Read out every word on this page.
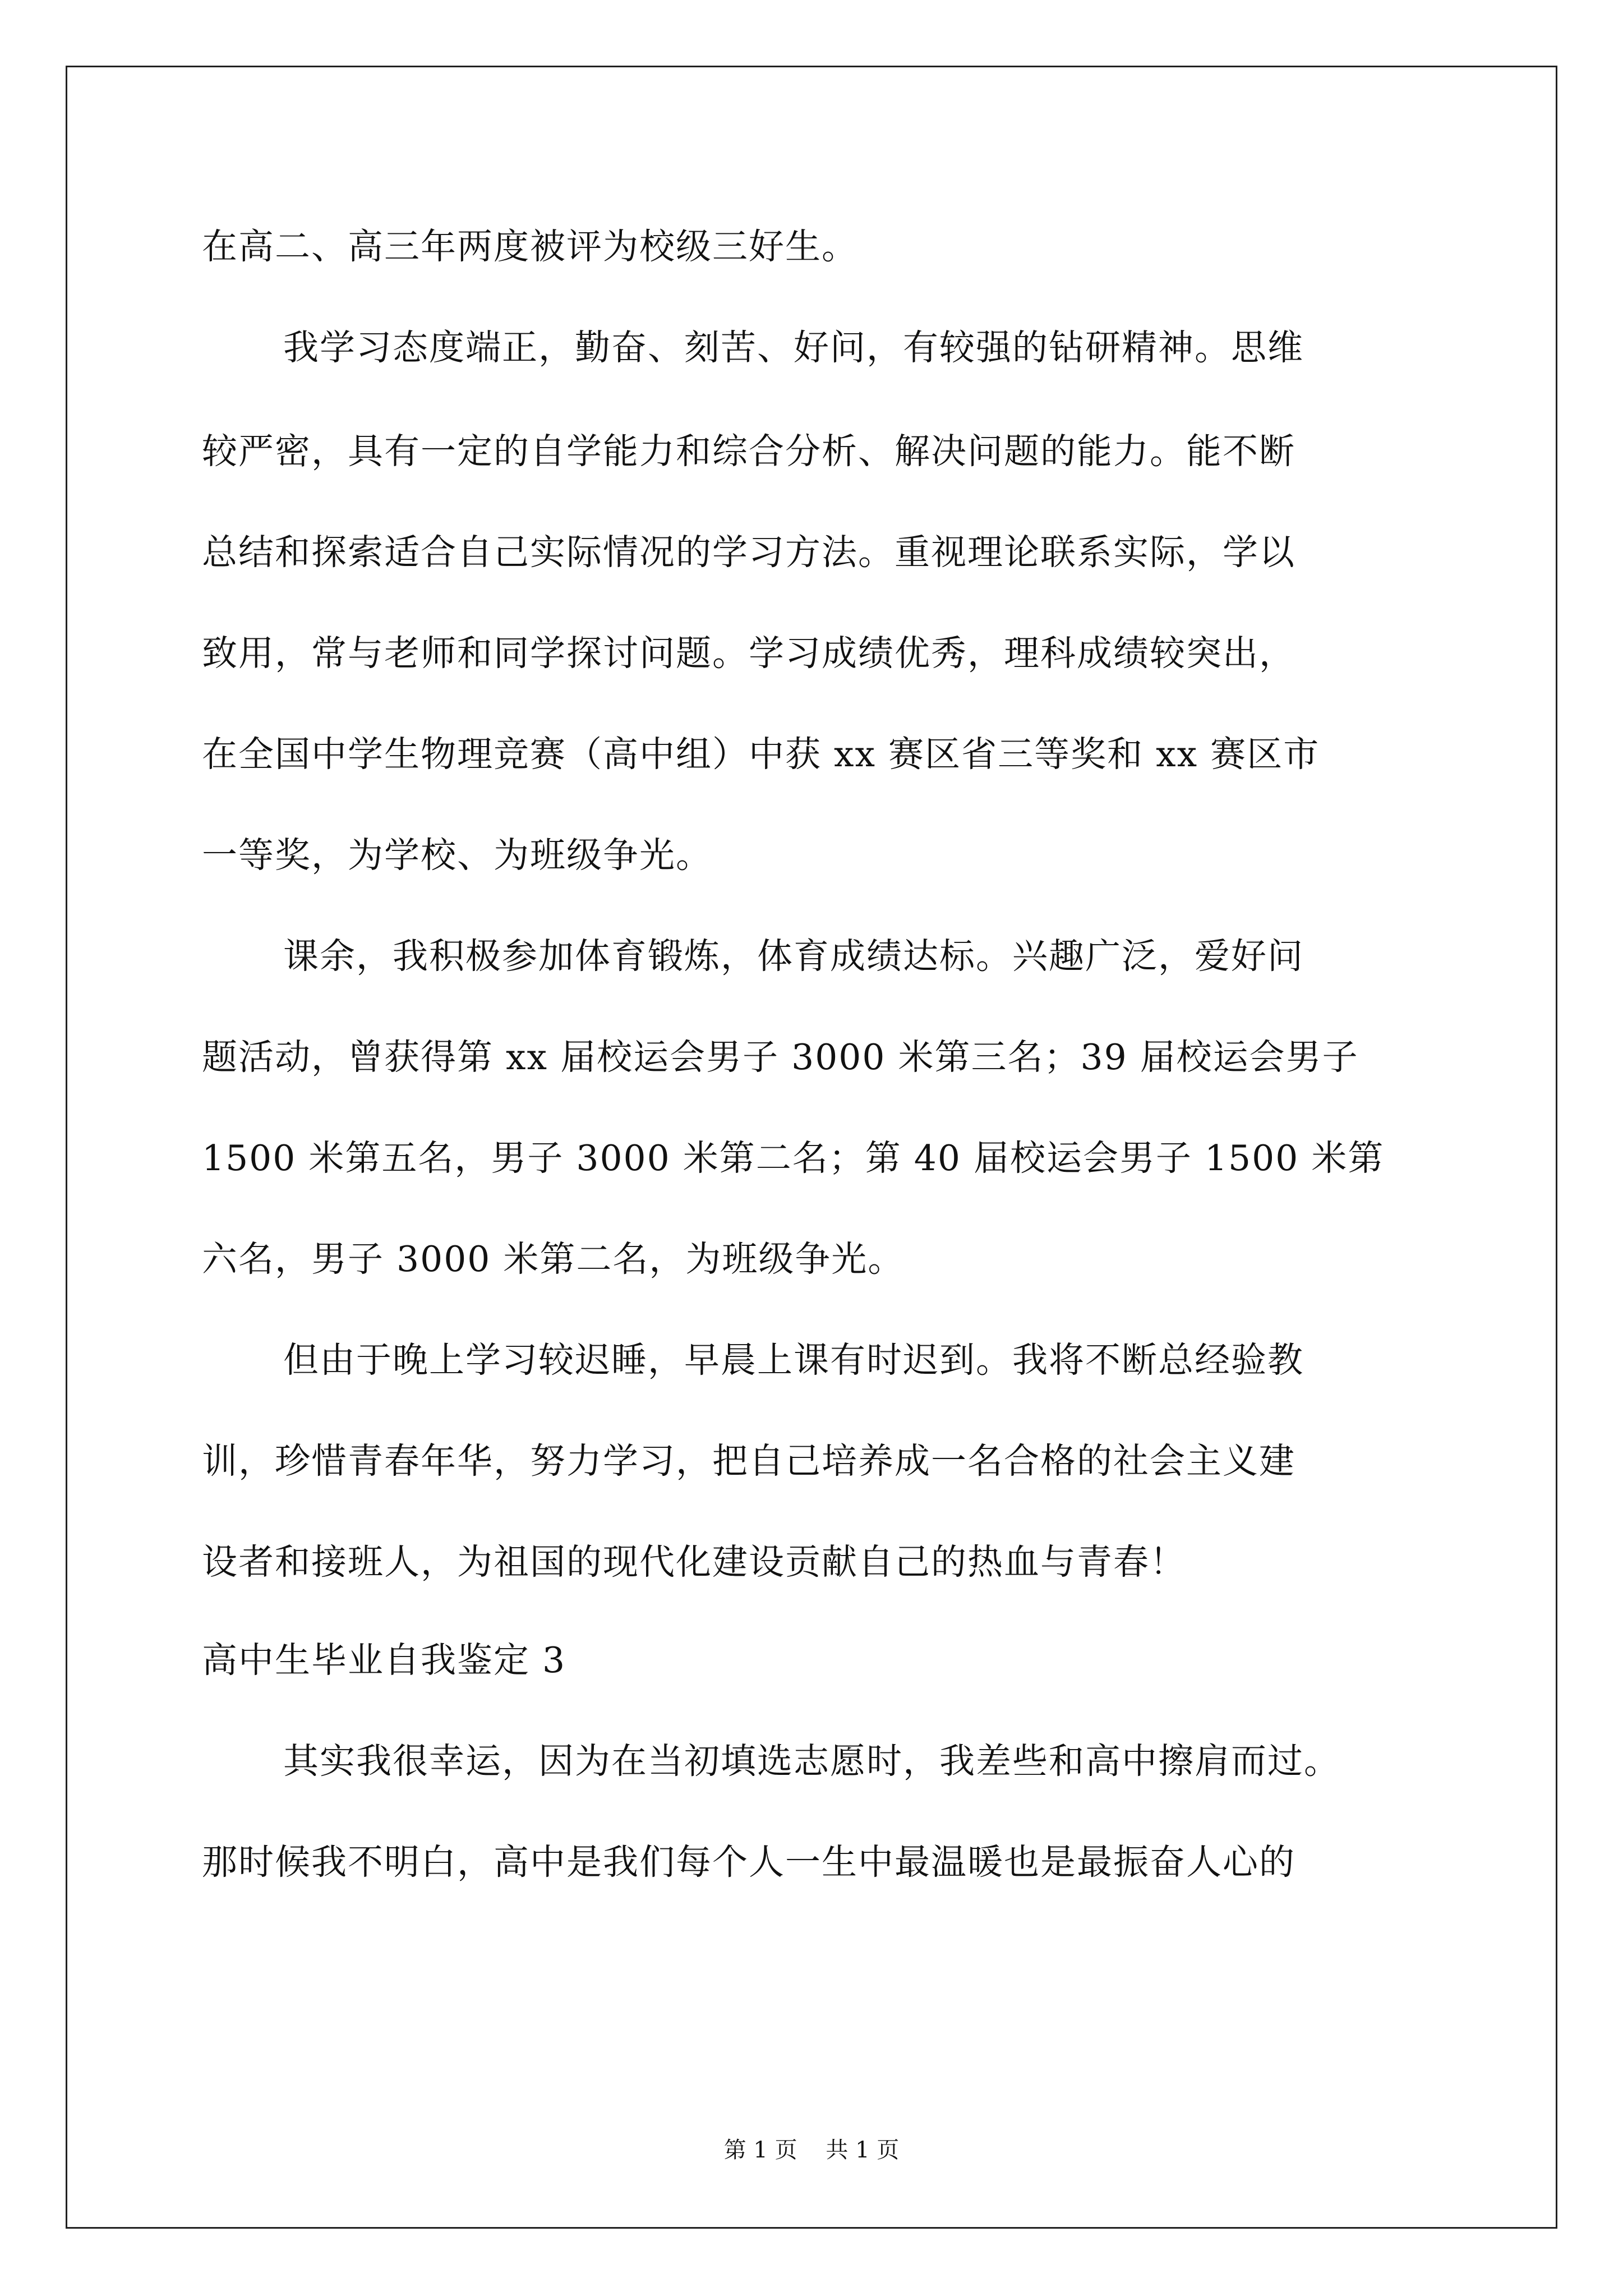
在高二、高三年两度被评为校级三好生。
我学习态度端正，勤奋、刻苦、好问，有较强的钻研精神。思维
较严密，具有一定的自学能力和综合分析、解决问题的能力。能不断
总结和探索适合自己实际情况的学习方法。重视理论联系实际，学以
致用，常与老师和同学探讨问题。学习成绩优秀，理科成绩较突出，
在全国中学生物理竞赛（高中组）中获 xx 赛区省三等奖和 xx 赛区市
一等奖，为学校、为班级争光。
课余，我积极参加体育锻炼，体育成绩达标。兴趣广泛，爱好问
题活动，曾获得第 xx 届校运会男子 3000 米第三名；39 届校运会男子
1500 米第五名，男子 3000 米第二名；第 40 届校运会男子 1500 米第
六名，男子 3000 米第二名，为班级争光。
但由于晚上学习较迟睡，早晨上课有时迟到。我将不断总经验教
训，珍惜青春年华，努力学习，把自己培养成一名合格的社会主义建
设者和接班人，为祖国的现代化建设贡献自己的热血与青春！
高中生毕业自我鉴定 3
其实我很幸运，因为在当初填选志愿时，我差些和高中擦肩而过。
那时候我不明白，高中是我们每个人一生中最温暖也是最振奋人心的
第 1 页    共 1 页
